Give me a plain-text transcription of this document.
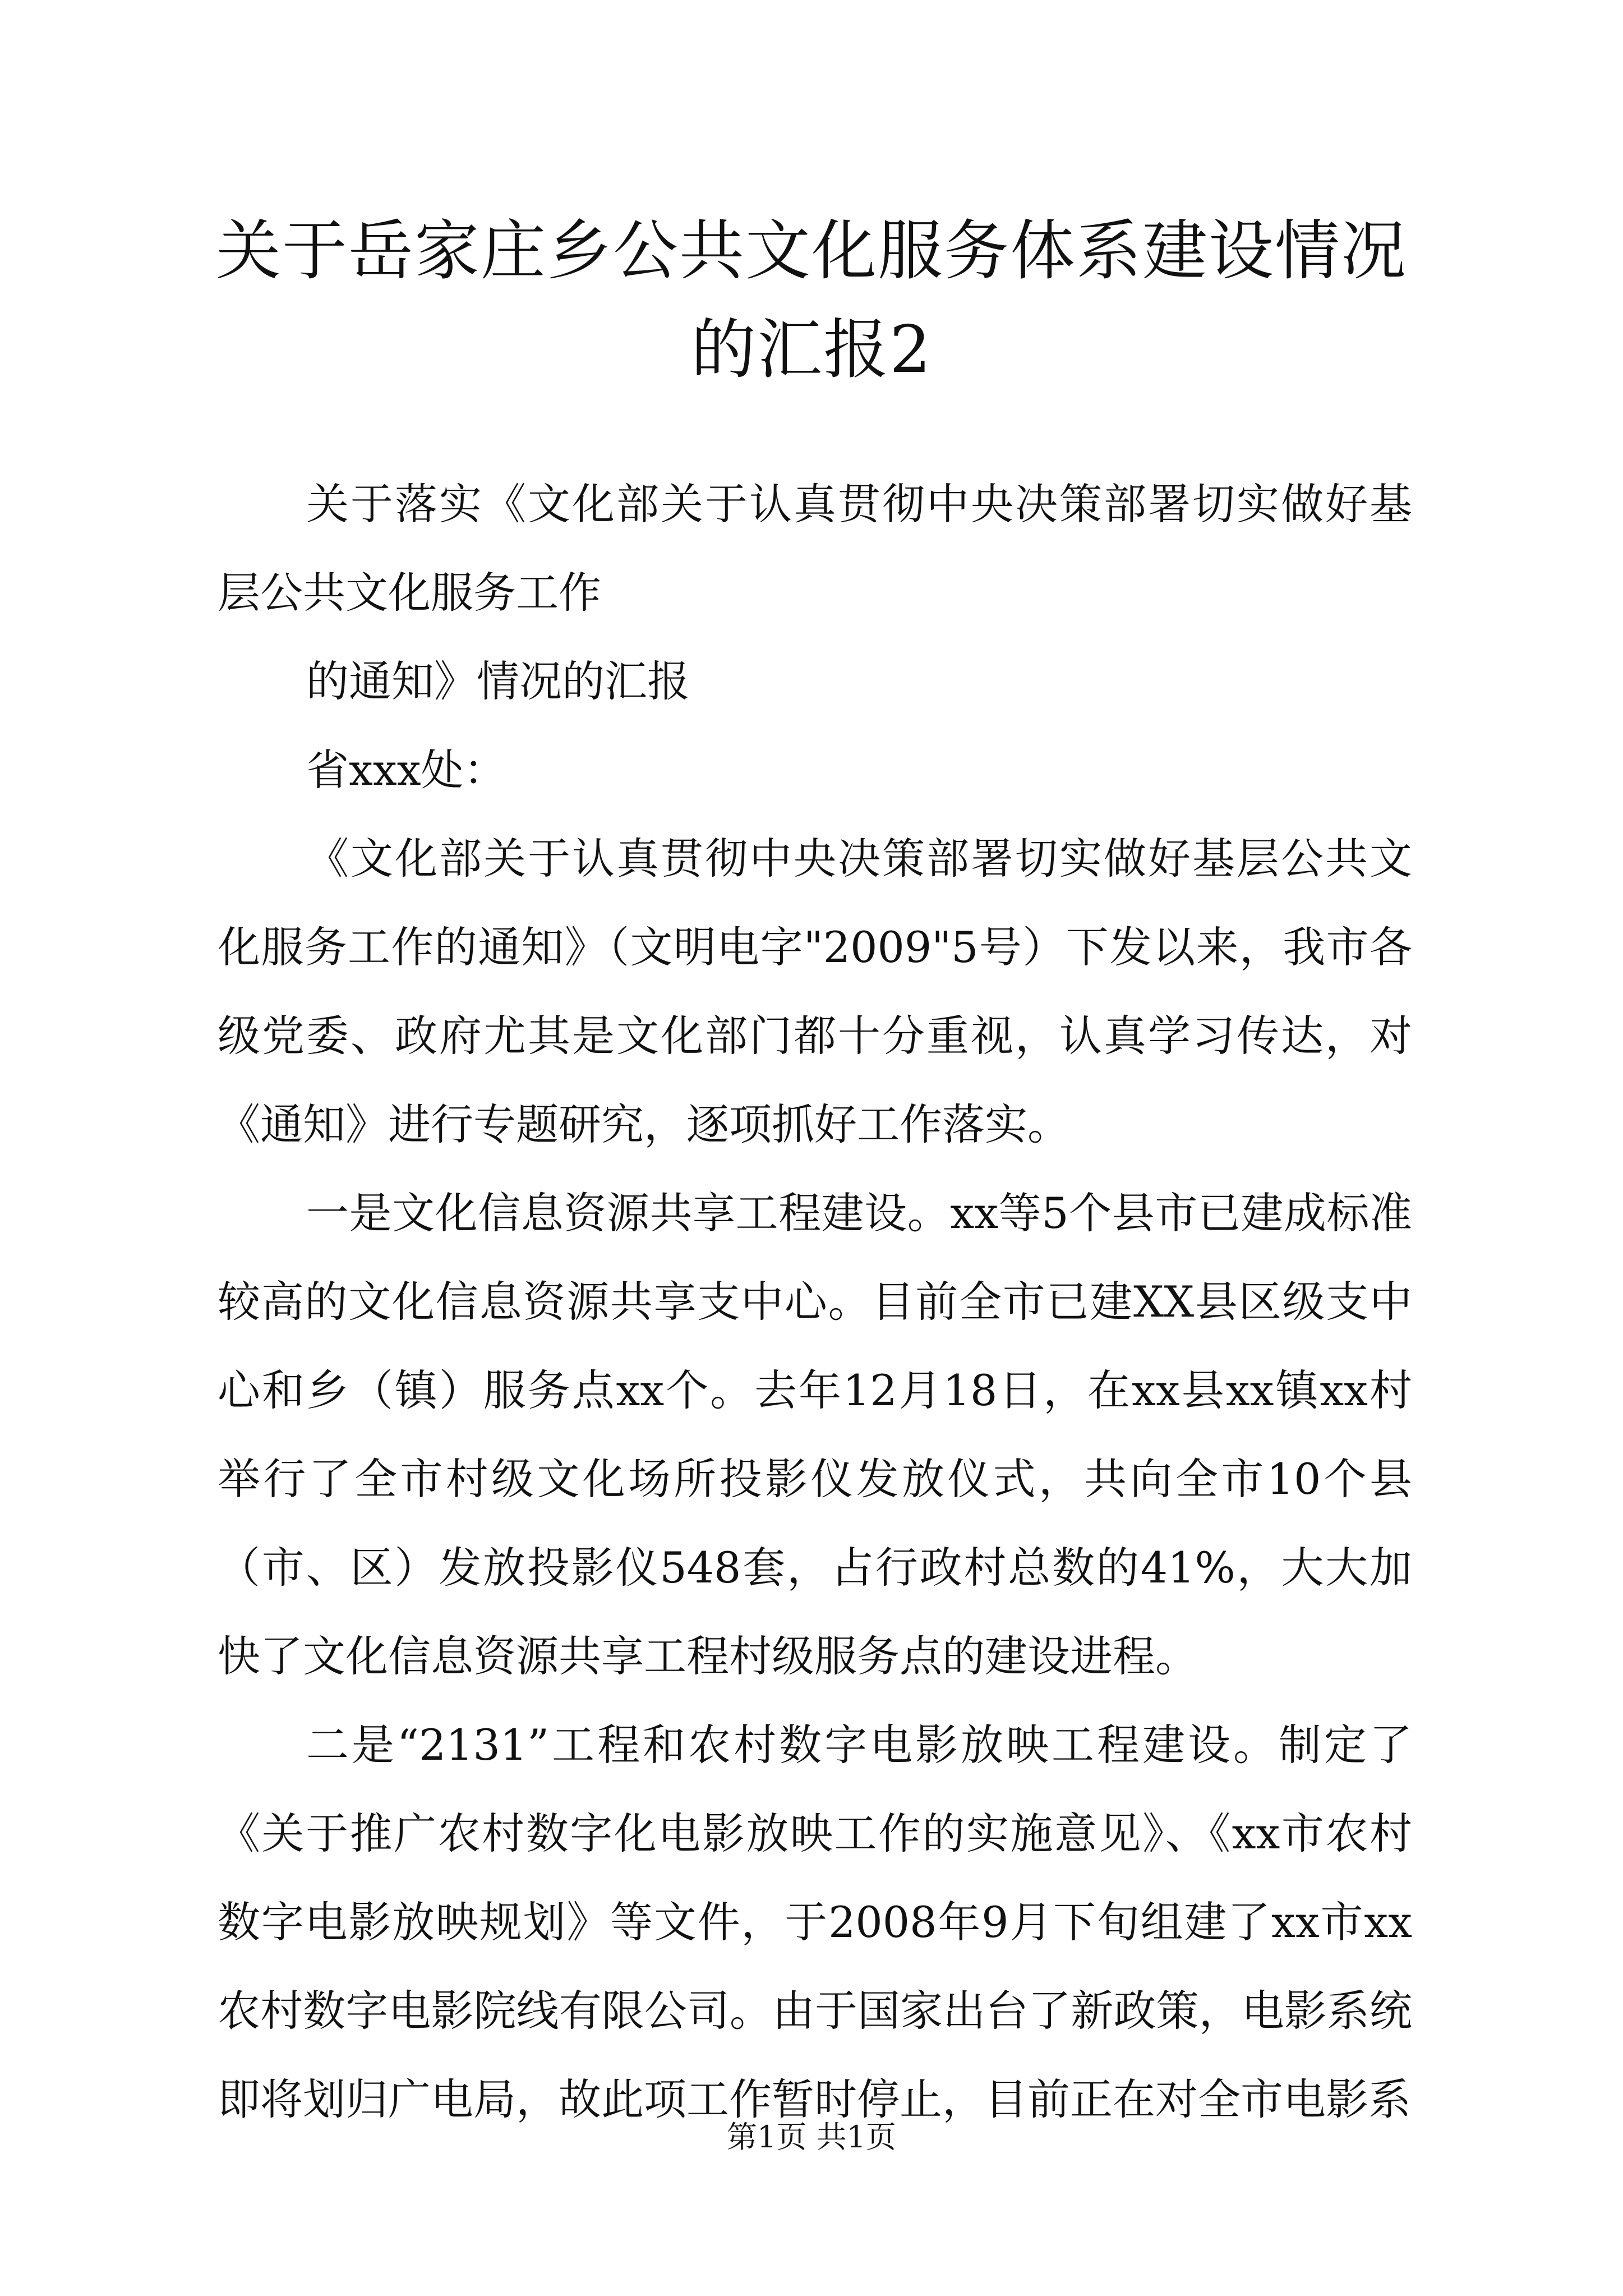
关于岳家庄乡公共文化服务体系建设情况的汇报2

关于落实《文化部关于认真贯彻中央决策部署切实做好基层公共文化服务工作

的通知》情况的汇报

省xxx处：

《文化部关于认真贯彻中央决策部署切实做好基层公共文化服务工作的通知》（文明电字"2009"5号）下发以来，我市各级党委、政府尤其是文化部门都十分重视，认真学习传达，对《通知》进行专题研究，逐项抓好工作落实。

一是文化信息资源共享工程建设。xx等5个县市已建成标准较高的文化信息资源共享支中心。目前全市已建XX县区级支中心和乡（镇）服务点xx个。去年12月18日，在xx县xx镇xx村举行了全市村级文化场所投影仪发放仪式，共向全市10个县（市、区）发放投影仪548套，占行政村总数的41%，大大加快了文化信息资源共享工程村级服务点的建设进程。

二是“2131”工程和农村数字电影放映工程建设。制定了《关于推广农村数字化电影放映工作的实施意见》、《xx市农村数字电影放映规划》等文件，于2008年9月下旬组建了xx市xx农村数字电影院线有限公司。由于国家出台了新政策，电影系统即将划归广电局，故此项工作暂时停止，目前正在对全市电影系

第1页 共1页
